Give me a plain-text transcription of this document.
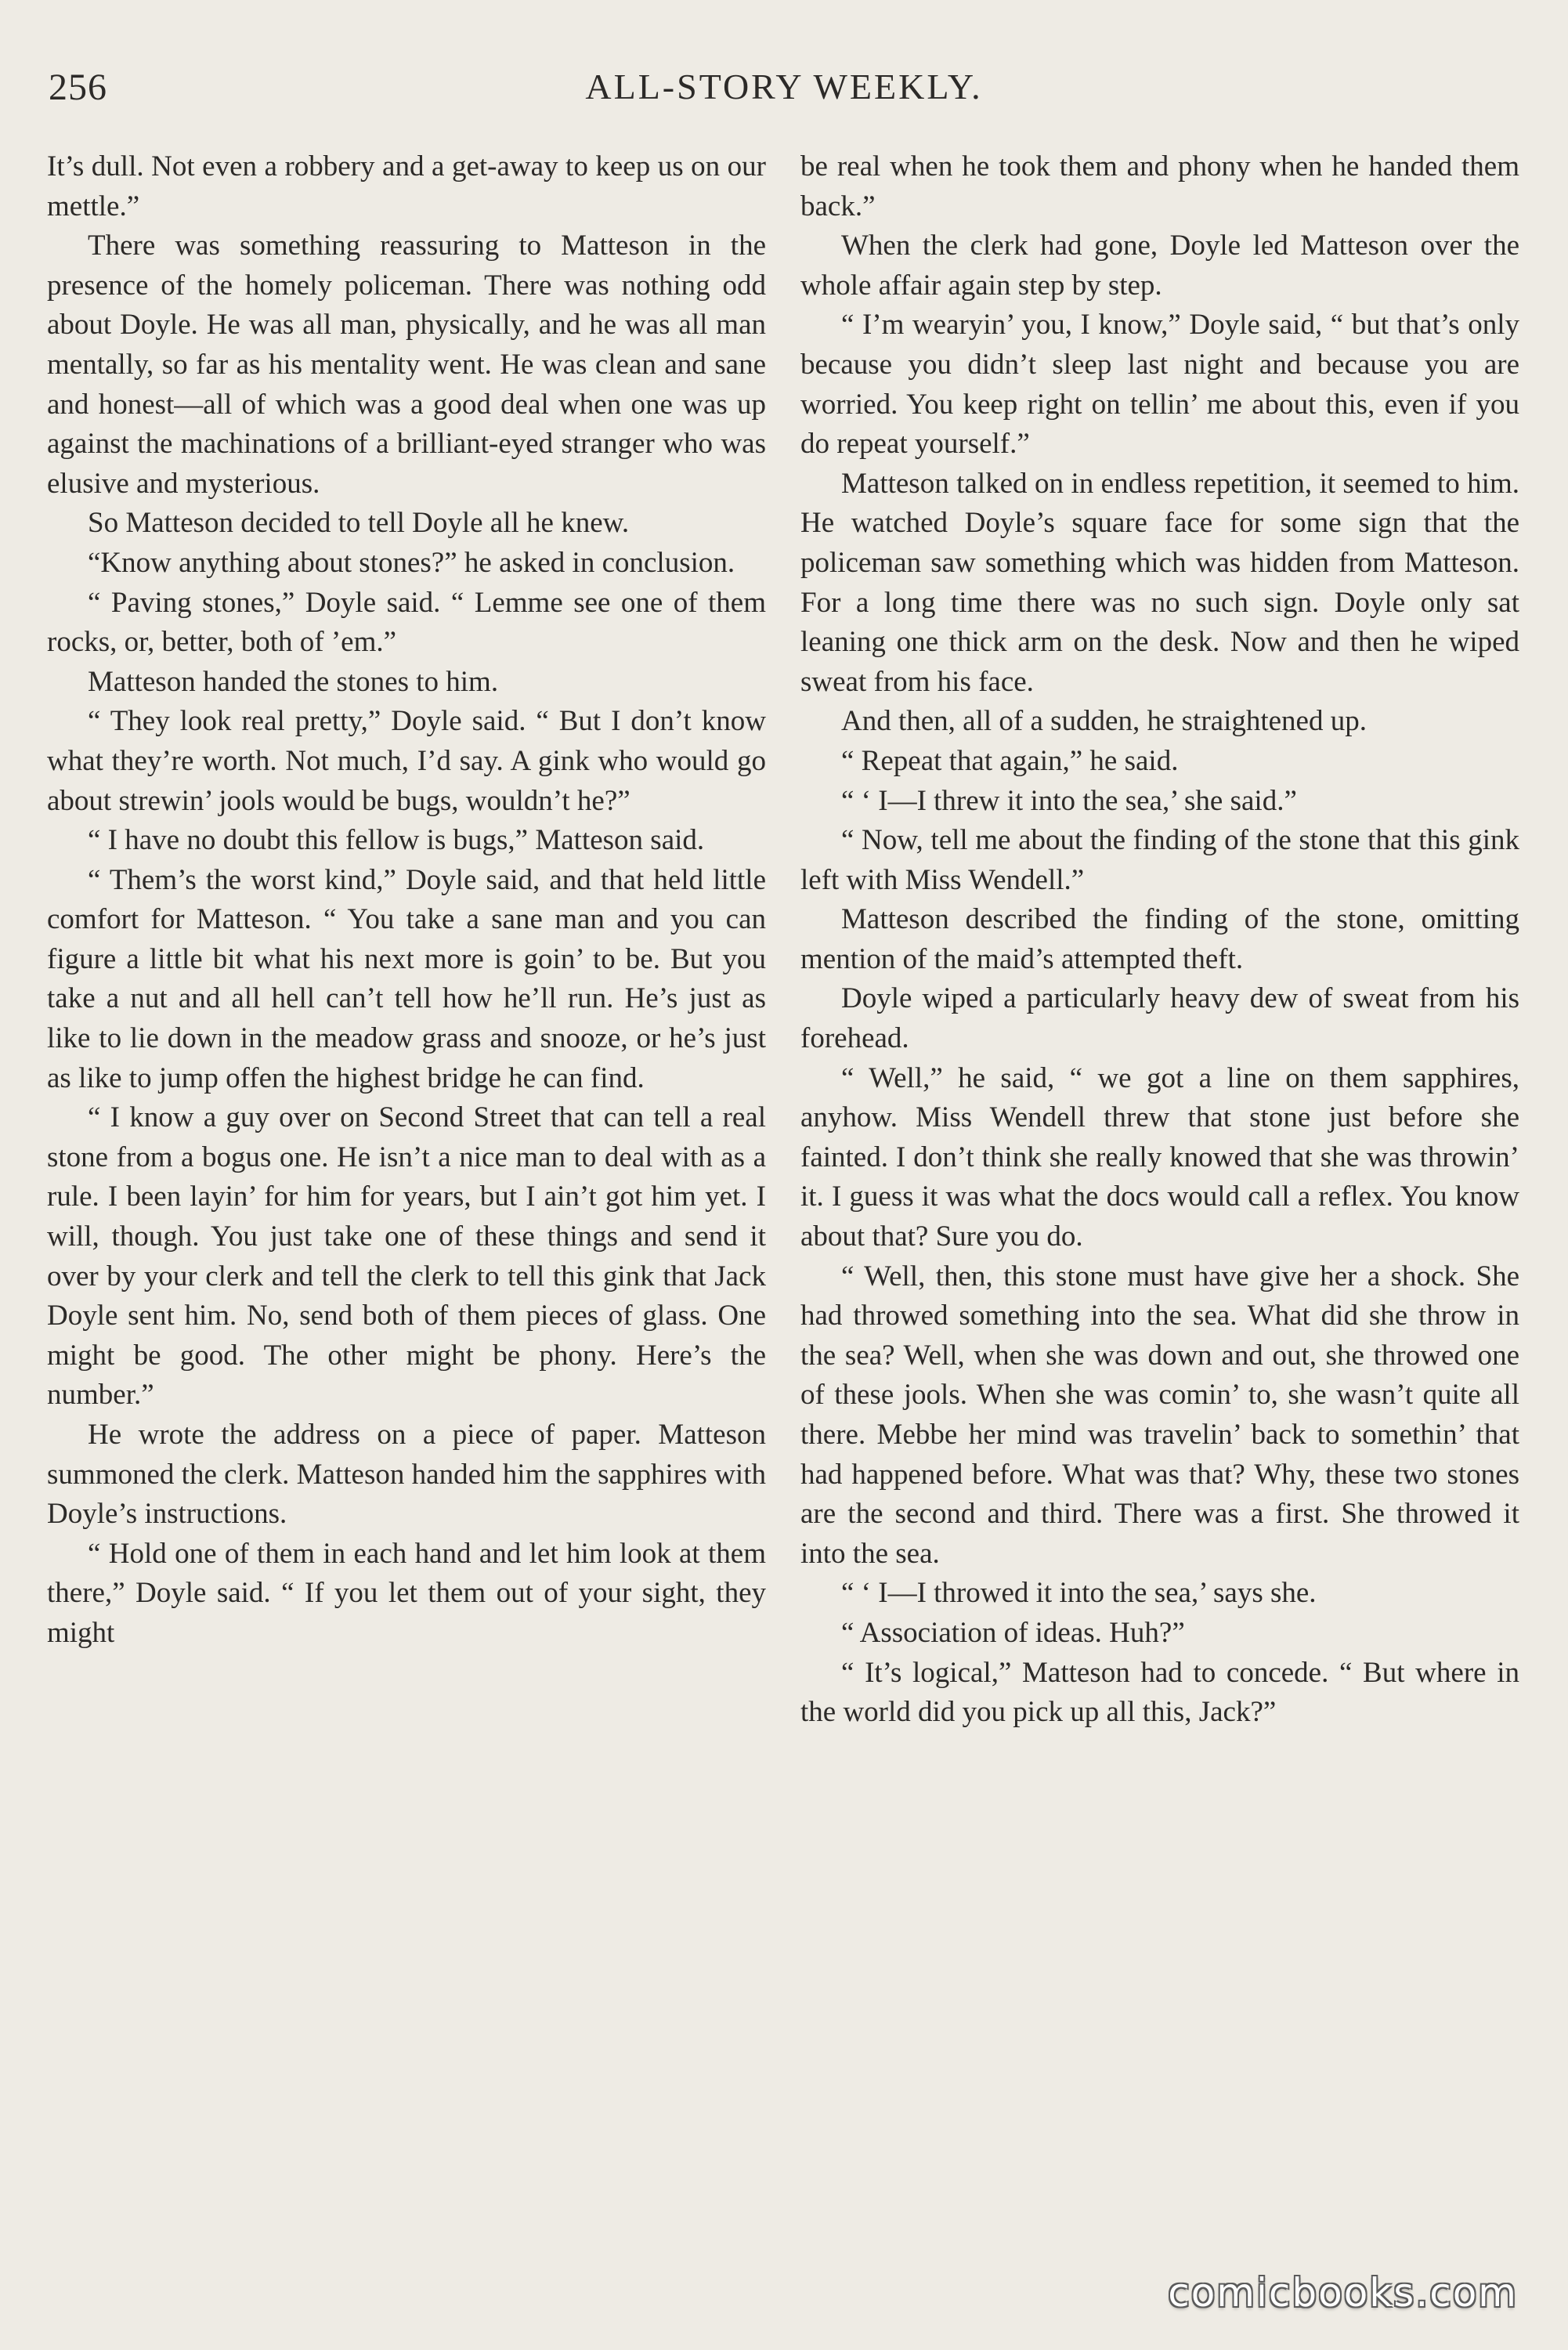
256	ALL-STORY WEEKLY.

It’s dull. Not even a robbery and a get-away to keep us on our mettle.”

There was something reassuring to Matteson in the presence of the homely policeman. There was nothing odd about Doyle. He was all man, physically, and he was all man mentally, so far as his mentality went. He was clean and sane and honest—all of which was a good deal when one was up against the machinations of a brilliant-eyed stranger who was elusive and mysterious.

So Matteson decided to tell Doyle all he knew.

“Know anything about stones?” he asked in conclusion.

“ Paving stones,” Doyle said. “ Lemme see one of them rocks, or, better, both of ’em.”

Matteson handed the stones to him.

“ They look real pretty,” Doyle said. “ But I don’t know what they’re worth. Not much, I’d say. A gink who would go about strewin’ jools would be bugs, wouldn’t he?”

“ I have no doubt this fellow is bugs,” Matteson said.

“ Them’s the worst kind,” Doyle said, and that held little comfort for Matteson. “ You take a sane man and you can figure a little bit what his next more is goin’ to be. But you take a nut and all hell can’t tell how he’ll run. He’s just as like to lie down in the meadow grass and snooze, or he’s just as like to jump offen the highest bridge he can find.

“ I know a guy over on Second Street that can tell a real stone from a bogus one. He isn’t a nice man to deal with as a rule. I been layin’ for him for years, but I ain’t got him yet. I will, though. You just take one of these things and send it over by your clerk and tell the clerk to tell this gink that Jack Doyle sent him. No, send both of them pieces of glass. One might be good. The other might be phony. Here’s the number.”

He wrote the address on a piece of paper. Matteson summoned the clerk. Matteson handed him the sapphires with Doyle’s instructions.

“ Hold one of them in each hand and let him look at them there,” Doyle said. “ If you let them out of your sight, they might

be real when he took them and phony when he handed them back.”

When the clerk had gone, Doyle led Matteson over the whole affair again step by step.

“ I’m wearyin’ you, I know,” Doyle said, “ but that’s only because you didn’t sleep last night and because you are worried. You keep right on tellin’ me about this, even if you do repeat yourself.”

Matteson talked on in endless repetition, it seemed to him. He watched Doyle’s square face for some sign that the policeman saw something which was hidden from Matteson. For a long time there was no such sign. Doyle only sat leaning one thick arm on the desk. Now and then he wiped sweat from his face.

And then, all of a sudden, he straightened up.

“ Repeat that again,” he said.

“ ‘ I—I threw it into the sea,’ she said.”

“ Now, tell me about the finding of the stone that this gink left with Miss Wendell.”

Matteson described the finding of the stone, omitting mention of the maid’s attempted theft.

Doyle wiped a particularly heavy dew of sweat from his forehead.

“ Well,” he said, “ we got a line on them sapphires, anyhow. Miss Wendell threw that stone just before she fainted. I don’t think she really knowed that she was throwin’ it. I guess it was what the docs would call a reflex. You know about that? Sure you do.

“ Well, then, this stone must have give her a shock. She had throwed something into the sea. What did she throw in the sea? Well, when she was down and out, she throwed one of these jools. When she was comin’ to, she wasn’t quite all there. Mebbe her mind was travelin’ back to somethin’ that had happened before. What was that? Why, these two stones are the second and third. There was a first. She throwed it into the sea.

“ ‘ I—I throwed it into the sea,’ says she.

“ Association of ideas. Huh?”

“ It’s logical,” Matteson had to concede. “ But where in the world did you pick up all this, Jack?”

comicbooks.com
